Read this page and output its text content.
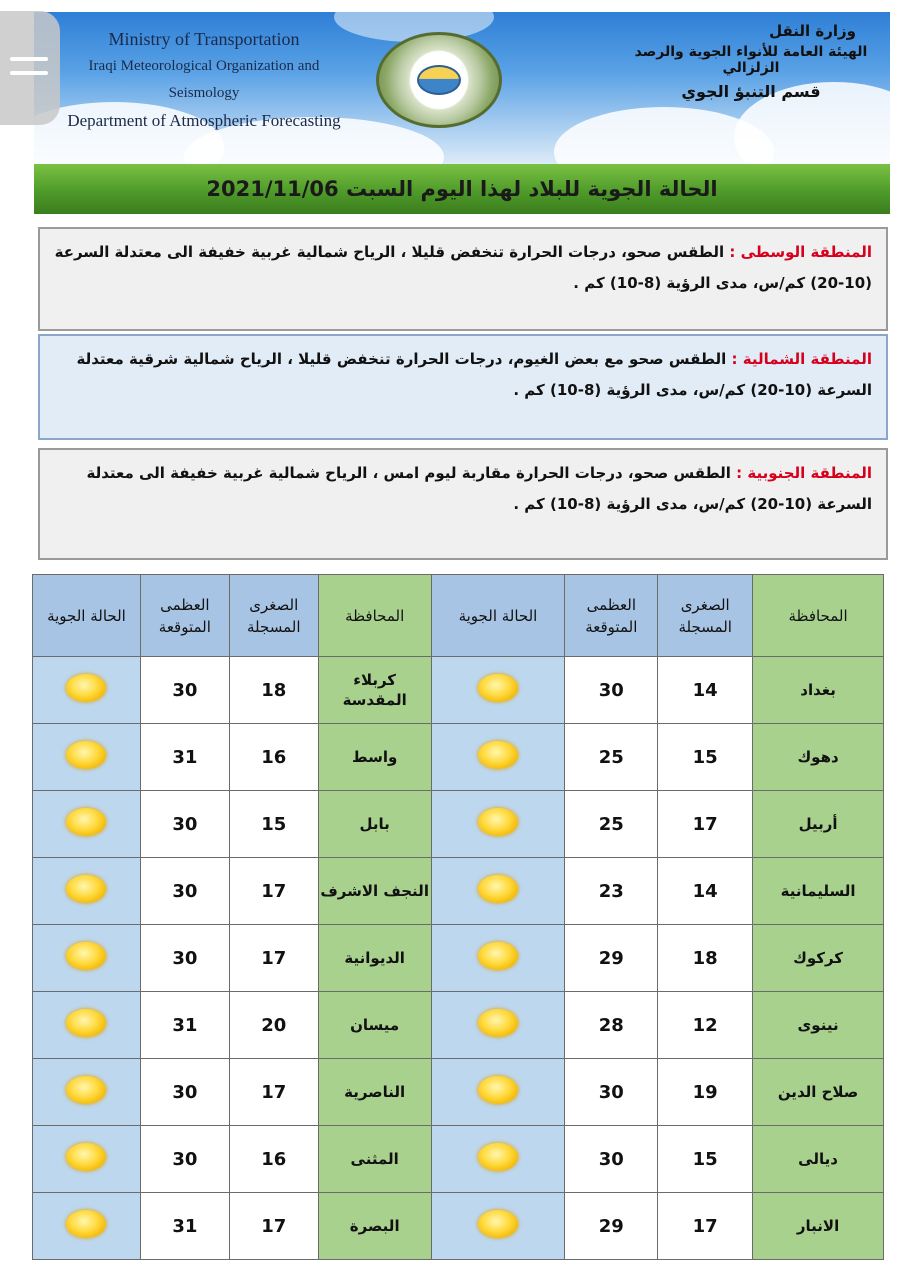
Ministry of Transportation
Iraqi Meteorological Organization and Seismology
Department of Atmospheric Forecasting
وزارة النقل
الهيئة العامة للأنواء الجوية والرصد الزلزالي
قسم التنبؤ الجوي
الحالة الجوية للبلاد لهذا اليوم السبت 2021/11/06
المنطقة الوسطى : الطقس صحو، درجات الحرارة تنخفض قليلا ، الرياح شمالية غربية خفيفة الى معتدلة السرعة (10-20) كم/س، مدى الرؤية (8-10) كم .
المنطقة الشمالية : الطقس صحو مع بعض الغيوم، درجات الحرارة تنخفض قليلا ، الرياح شمالية شرقية معتدلة السرعة (10-20) كم/س، مدى الرؤية (8-10) كم .
المنطقة الجنوبية : الطقس صحو، درجات الحرارة مقاربة ليوم امس ، الرياح شمالية غربية خفيفة الى معتدلة السرعة (10-20) كم/س، مدى الرؤية (8-10) كم .
المحافظة	الصغرى المسجلة	العظمى المتوقعة	الحالة الجوية	المحافظة	الصغرى المسجلة	العظمى المتوقعة	الحالة الجوية
بغداد	14	30		كربلاء المقدسة	18	30	
دهوك	15	25		واسط	16	31	
أربيل	17	25		بابل	15	30	
السليمانية	14	23		النجف الاشرف	17	30	
كركوك	18	29		الديوانية	17	30	
نينوى	12	28		ميسان	20	31	
صلاح الدين	19	30		الناصرية	17	30	
ديالى	15	30		المثنى	16	30	
الانبار	17	29		البصرة	17	31	
